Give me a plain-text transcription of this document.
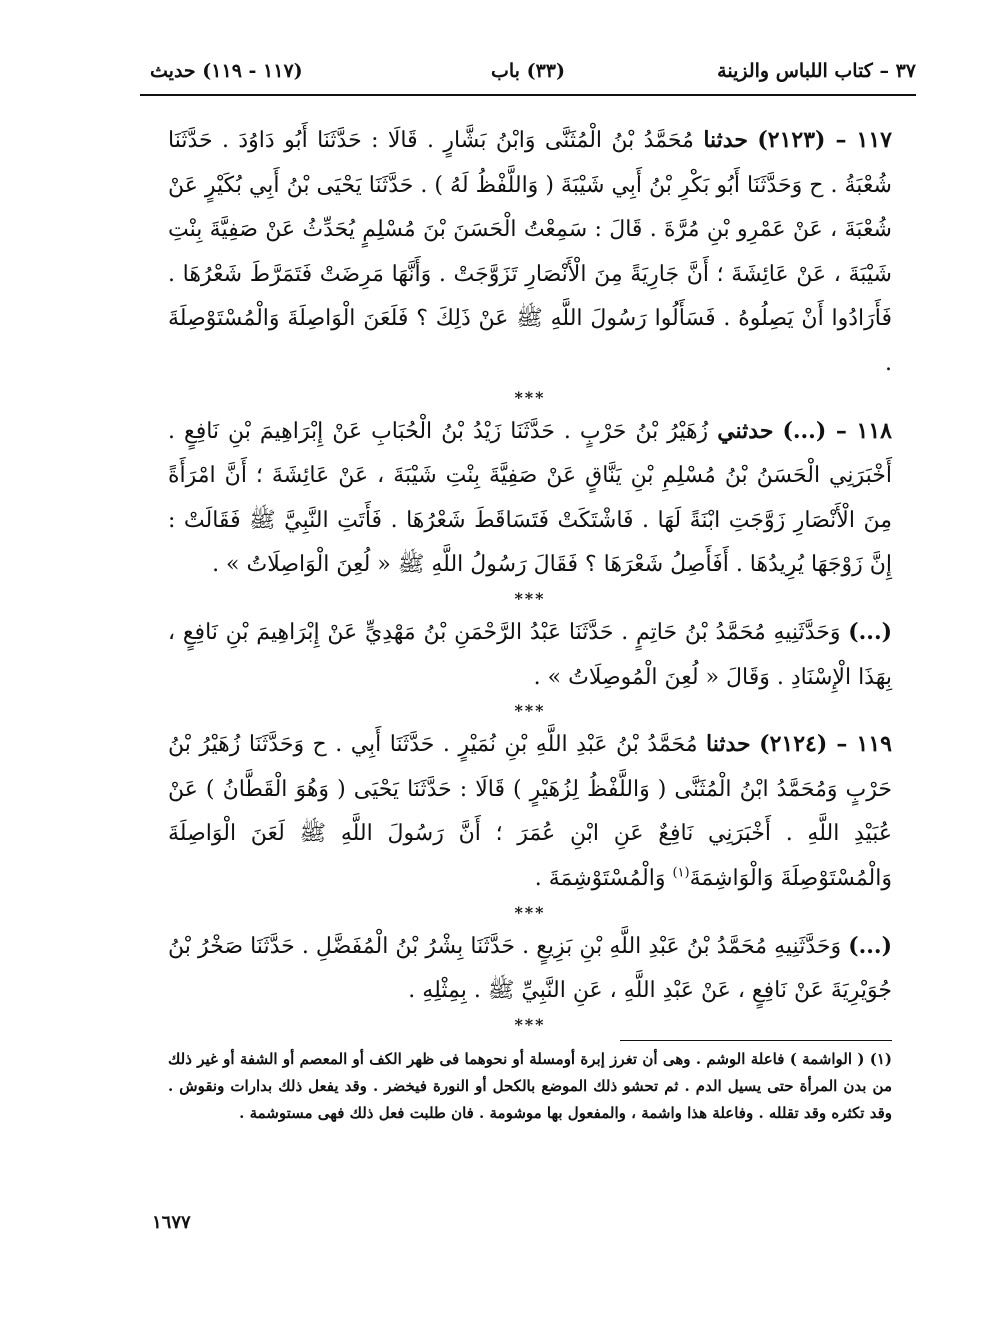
٣٧ – كتاب اللباس والزينة
(٣٣) باب
(١١٧ - ١١٩) حديث

١١٧ – (٢١٢٣) حدثنا مُحَمَّدُ بْنُ الْمُثَنَّى وَابْنُ بَشَّارٍ . قَالَا : حَدَّثَنَا أَبُو دَاوُدَ . حَدَّثَنَا شُعْبَةُ . ح وَحَدَّثَنَا أَبُو بَكْرِ بْنُ أَبِي شَيْبَةَ ( وَاللَّفْظُ لَهُ ) . حَدَّثَنَا يَحْيَى بْنُ أَبِي بُكَيْرٍ عَنْ شُعْبَةَ ، عَنْ عَمْرِو بْنِ مُرَّةَ . قَالَ : سَمِعْتُ الْحَسَنَ بْنَ مُسْلِمٍ يُحَدِّثُ عَنْ صَفِيَّةَ بِنْتِ شَيْبَةَ ، عَنْ عَائِشَةَ ؛ أَنَّ جَارِيَةً مِنَ الْأَنْصَارِ تَزَوَّجَتْ . وَأَنَّهَا مَرِضَتْ فَتَمَرَّطَ شَعْرُهَا . فَأَرَادُوا أَنْ يَصِلُوهُ . فَسَأَلُوا رَسُولَ اللَّهِ ﷺ عَنْ ذَلِكَ ؟ فَلَعَنَ الْوَاصِلَةَ وَالْمُسْتَوْصِلَةَ .

***

١١٨ – (...) حدثني زُهَيْرُ بْنُ حَرْبٍ . حَدَّثَنَا زَيْدُ بْنُ الْحُبَابِ عَنْ إِبْرَاهِيمَ بْنِ نَافِعٍ . أَخْبَرَنِي الْحَسَنُ بْنُ مُسْلِمِ بْنِ يَنَّاقٍ عَنْ صَفِيَّةَ بِنْتِ شَيْبَةَ ، عَنْ عَائِشَةَ ؛ أَنَّ امْرَأَةً مِنَ الْأَنْصَارِ زَوَّجَتِ ابْنَةً لَهَا . فَاشْتَكَتْ فَتَسَاقَطَ شَعْرُهَا . فَأَتَتِ النَّبِيَّ ﷺ فَقَالَتْ : إِنَّ زَوْجَهَا يُرِيدُهَا . أَفَأَصِلُ شَعْرَهَا ؟ فَقَالَ رَسُولُ اللَّهِ ﷺ « لُعِنَ الْوَاصِلَاتُ » .

***

(...) وَحَدَّثَنِيهِ مُحَمَّدُ بْنُ حَاتِمٍ . حَدَّثَنَا عَبْدُ الرَّحْمَنِ بْنُ مَهْدِيٍّ عَنْ إِبْرَاهِيمَ بْنِ نَافِعٍ ، بِهَذَا الْإِسْنَادِ . وَقَالَ « لُعِنَ الْمُوصِلَاتُ » .

***

١١٩ – (٢١٢٤) حدثنا مُحَمَّدُ بْنُ عَبْدِ اللَّهِ بْنِ نُمَيْرٍ . حَدَّثَنَا أَبِي . ح وَحَدَّثَنَا زُهَيْرُ بْنُ حَرْبٍ وَمُحَمَّدُ ابْنُ الْمُثَنَّى ( وَاللَّفْظُ لِزُهَيْرٍ ) قَالَا : حَدَّثَنَا يَحْيَى ( وَهُوَ الْقَطَّانُ ) عَنْ عُبَيْدِ اللَّهِ . أَخْبَرَنِي نَافِعٌ عَنِ ابْنِ عُمَرَ ؛ أَنَّ رَسُولَ اللَّهِ ﷺ لَعَنَ الْوَاصِلَةَ وَالْمُسْتَوْصِلَةَ وَالْوَاشِمَةَ$^{(١)}$ وَالْمُسْتَوْشِمَةَ .

***

(...) وَحَدَّثَنِيهِ مُحَمَّدُ بْنُ عَبْدِ اللَّهِ بْنِ بَزِيعٍ . حَدَّثَنَا بِشْرُ بْنُ الْمُفَضَّلِ . حَدَّثَنَا صَخْرُ بْنُ جُوَيْرِيَةَ عَنْ نَافِعٍ ، عَنْ عَبْدِ اللَّهِ ، عَنِ النَّبِيِّ ﷺ . بِمِثْلِهِ .

***

(١) ( الواشمة ) فاعلة الوشم . وهى أن تغرز إبرة أومسلة أو نحوهما فى ظهر الكف أو المعصم أو الشفة أو غير ذلك من بدن المرأة حتى يسيل الدم . ثم تحشو ذلك الموضع بالكحل أو النورة فيخضر . وقد يفعل ذلك بدارات ونقوش . وقد تكثره وقد تقلله . وفاعلة هذا واشمة ، والمفعول بها موشومة . فان طلبت فعل ذلك فهى مستوشمة .

١٦٧٧
